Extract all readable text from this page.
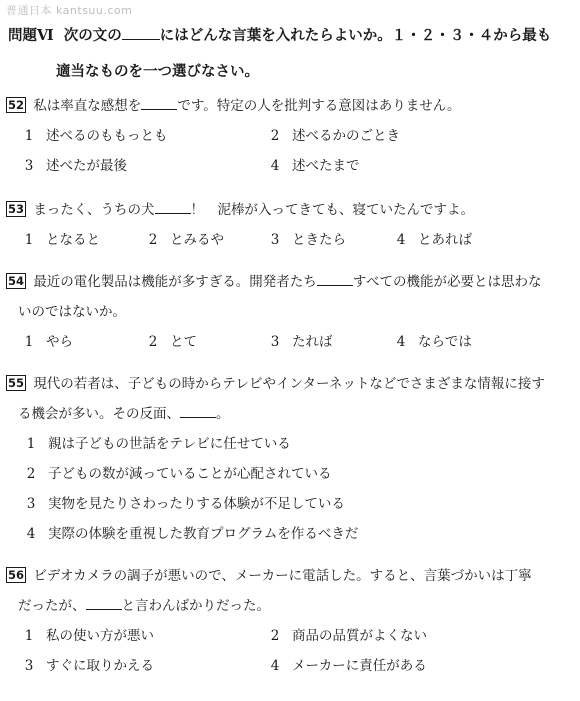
普通日本 kantsuu.com
問題Ⅵ 次の文の	にはどんな言葉を入れたらよいか。１・２・３・４から最も
適当なものを一つ選びなさい。
52 私は率直な感想を	です。特定の人を批判する意図はありません。
1 述べるのももっとも	2 述べるかのごとき
3 述べたが最後	4 述べたまで
53 まったく、うちの犬	！　泥棒が入ってきても、寝ていたんですよ。
1 となると	2 とみるや	3 ときたら	4 とあれば
54 最近の電化製品は機能が多すぎる。開発者たち	すべての機能が必要とは思わな
いのではないか。
1 やら	2 とて	3 たれば	4 ならでは
55 現代の若者は、子どもの時からテレビやインターネットなどでさまざまな情報に接す
る機会が多い。その反面、	。
1 親は子どもの世話をテレビに任せている
2 子どもの数が減っていることが心配されている
3 実物を見たりさわったりする体験が不足している
4 実際の体験を重視した教育プログラムを作るべきだ
56 ビデオカメラの調子が悪いので、メーカーに電話した。すると、言葉づかいは丁寧
だったが、	と言わんばかりだった。
1 私の使い方が悪い	2 商品の品質がよくない
3 すぐに取りかえる	4 メーカーに責任がある
